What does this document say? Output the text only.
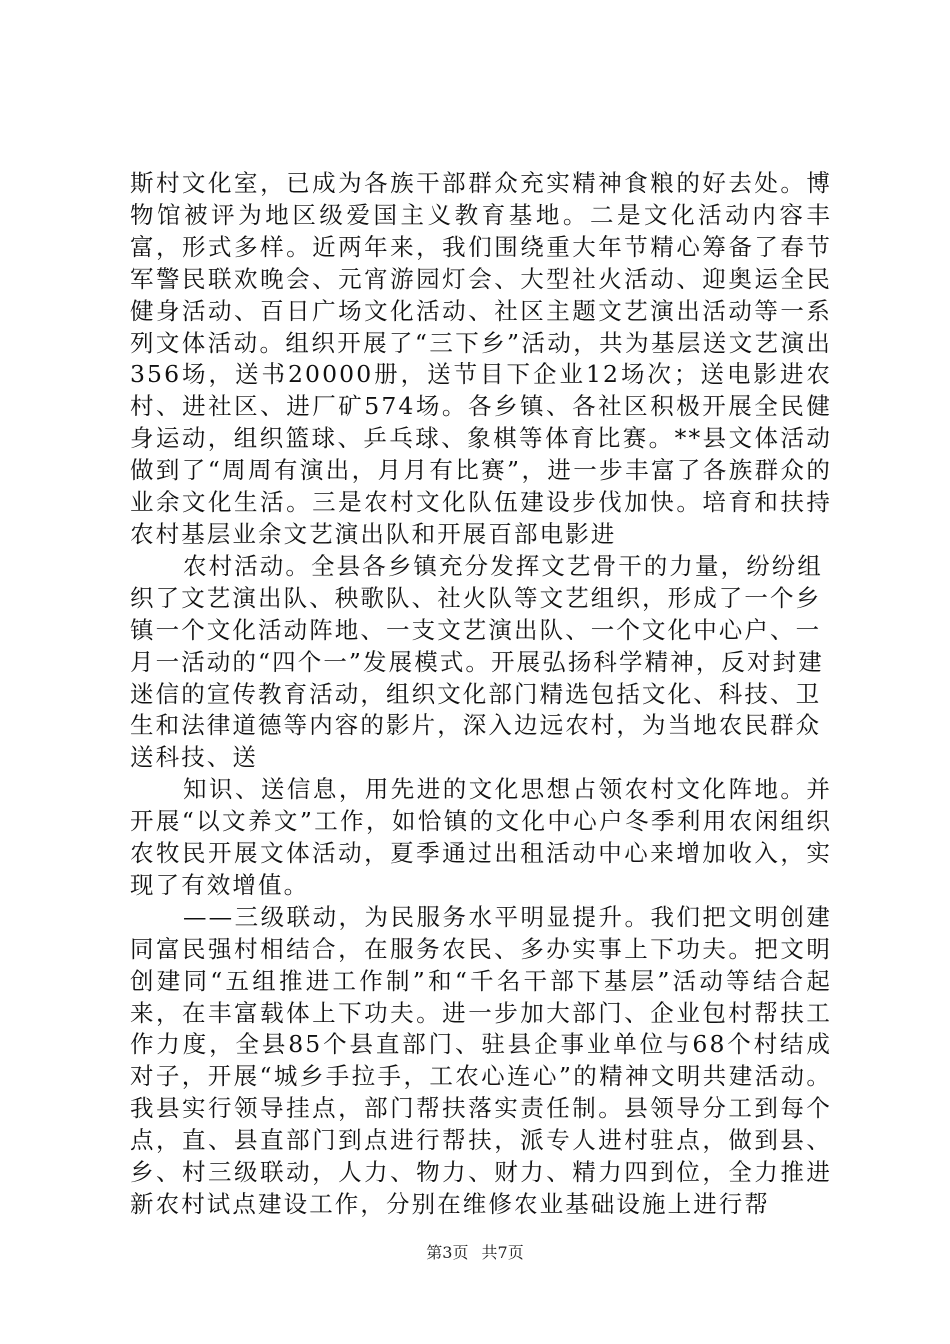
斯村文化室，已成为各族干部群众充实精神食粮的好去处。博物馆被评为地区级爱国主义教育基地。二是文化活动内容丰富，形式多样。近两年来，我们围绕重大年节精心筹备了春节军警民联欢晚会、元宵游园灯会、大型社火活动、迎奥运全民健身活动、百日广场文化活动、社区主题文艺演出活动等一系列文体活动。组织开展了“三下乡”活动，共为基层送文艺演出356场，送书20000册，送节目下企业12场次；送电影进农村、进社区、进厂矿574场。各乡镇、各社区积极开展全民健身运动，组织篮球、乒乓球、象棋等体育比赛。**县文体活动做到了“周周有演出，月月有比赛”，进一步丰富了各族群众的业余文化生活。三是农村文化队伍建设步伐加快。培育和扶持农村基层业余文艺演出队和开展百部电影进

农村活动。全县各乡镇充分发挥文艺骨干的力量，纷纷组织了文艺演出队、秧歌队、社火队等文艺组织，形成了一个乡镇一个文化活动阵地、一支文艺演出队、一个文化中心户、一月一活动的“四个一”发展模式。开展弘扬科学精神，反对封建迷信的宣传教育活动，组织文化部门精选包括文化、科技、卫生和法律道德等内容的影片，深入边远农村，为当地农民群众送科技、送

知识、送信息，用先进的文化思想占领农村文化阵地。并开展“以文养文”工作，如恰镇的文化中心户冬季利用农闲组织农牧民开展文体活动，夏季通过出租活动中心来增加收入，实现了有效增值。

——三级联动，为民服务水平明显提升。我们把文明创建同富民强村相结合，在服务农民、多办实事上下功夫。把文明创建同“五组推进工作制”和“千名干部下基层”活动等结合起来，在丰富载体上下功夫。进一步加大部门、企业包村帮扶工作力度，全县85个县直部门、驻县企事业单位与68个村结成对子，开展“城乡手拉手，工农心连心”的精神文明共建活动。我县实行领导挂点，部门帮扶落实责任制。县领导分工到每个点，直、县直部门到点进行帮扶，派专人进村驻点，做到县、乡、村三级联动，人力、物力、财力、精力四到位，全力推进新农村试点建设工作，分别在维修农业基础设施上进行帮

第3页 共7页
